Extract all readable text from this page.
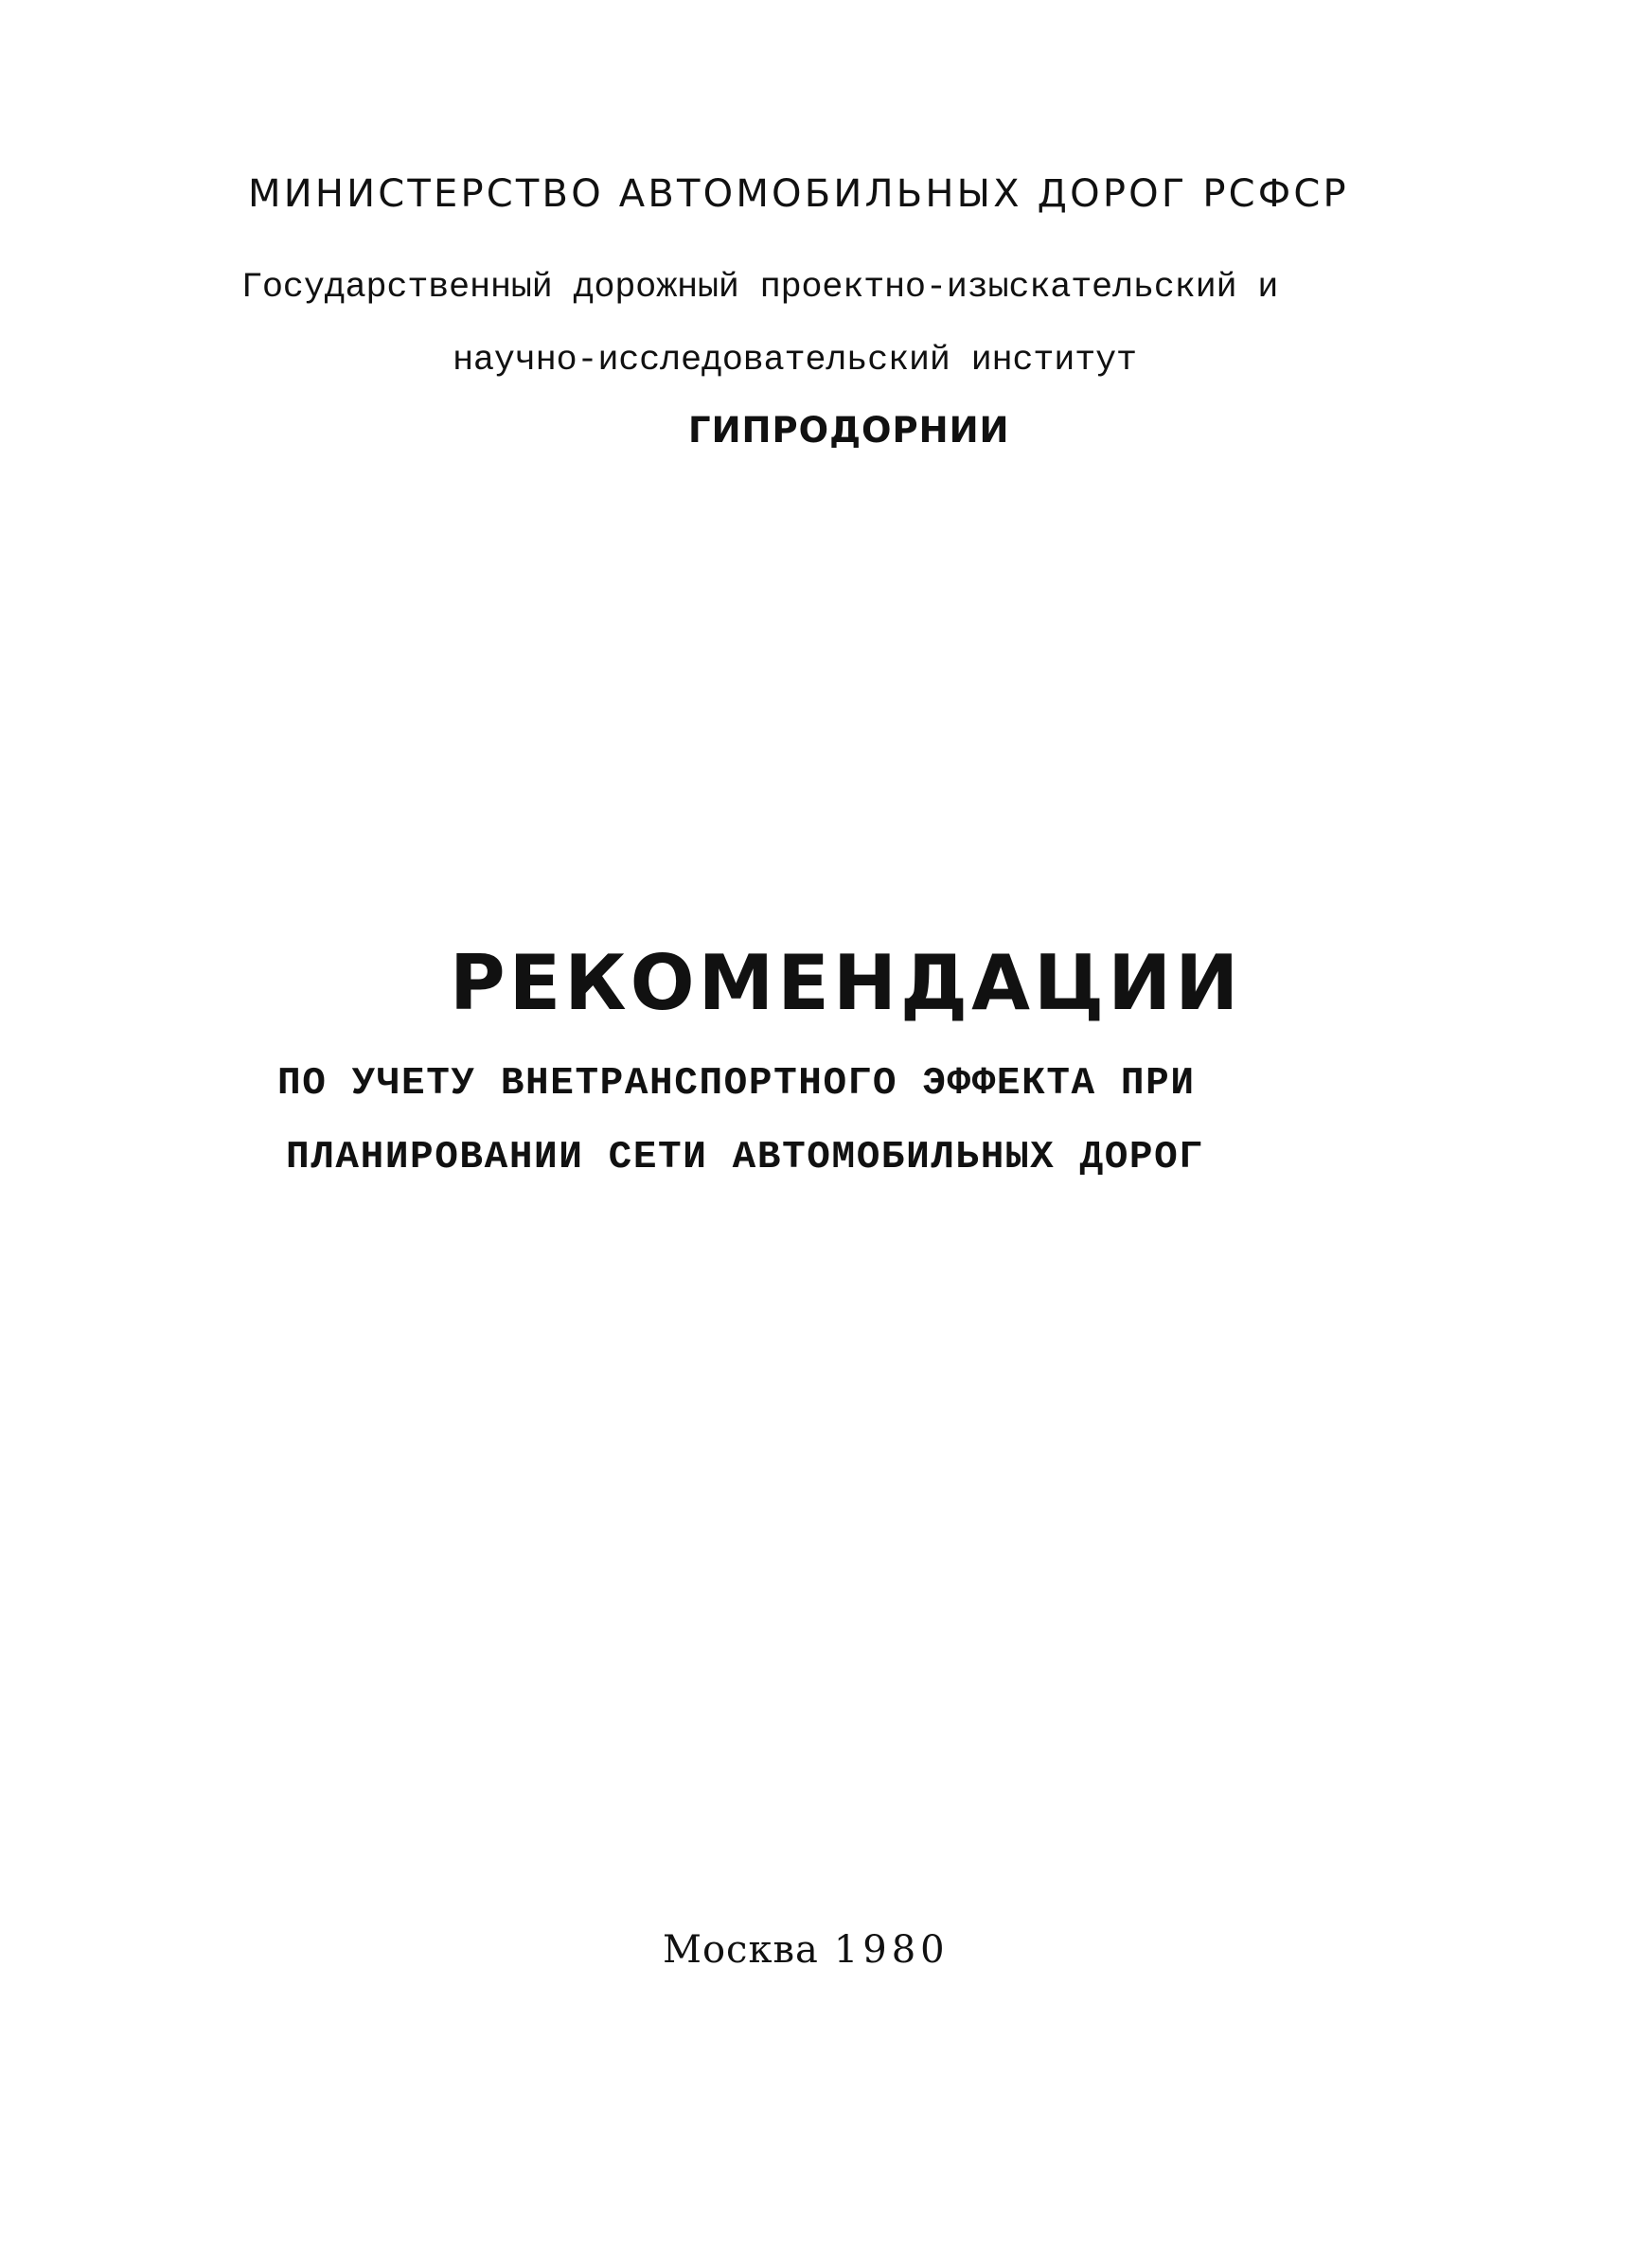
МИНИСТЕРСТВО АВТОМОБИЛЬНЫХ ДОРОГ РСФСР
Государственный дорожный проектно-изыскательский и
научно-исследовательский институт
ГИПРОДОРНИИ
РЕКОМЕНДАЦИИ
ПО УЧЕТУ ВНЕТРАНСПОРТНОГО ЭФФЕКТА ПРИ
ПЛАНИРОВАНИИ СЕТИ АВТОМОБИЛЬНЫХ ДОРОГ
Москва 1980
